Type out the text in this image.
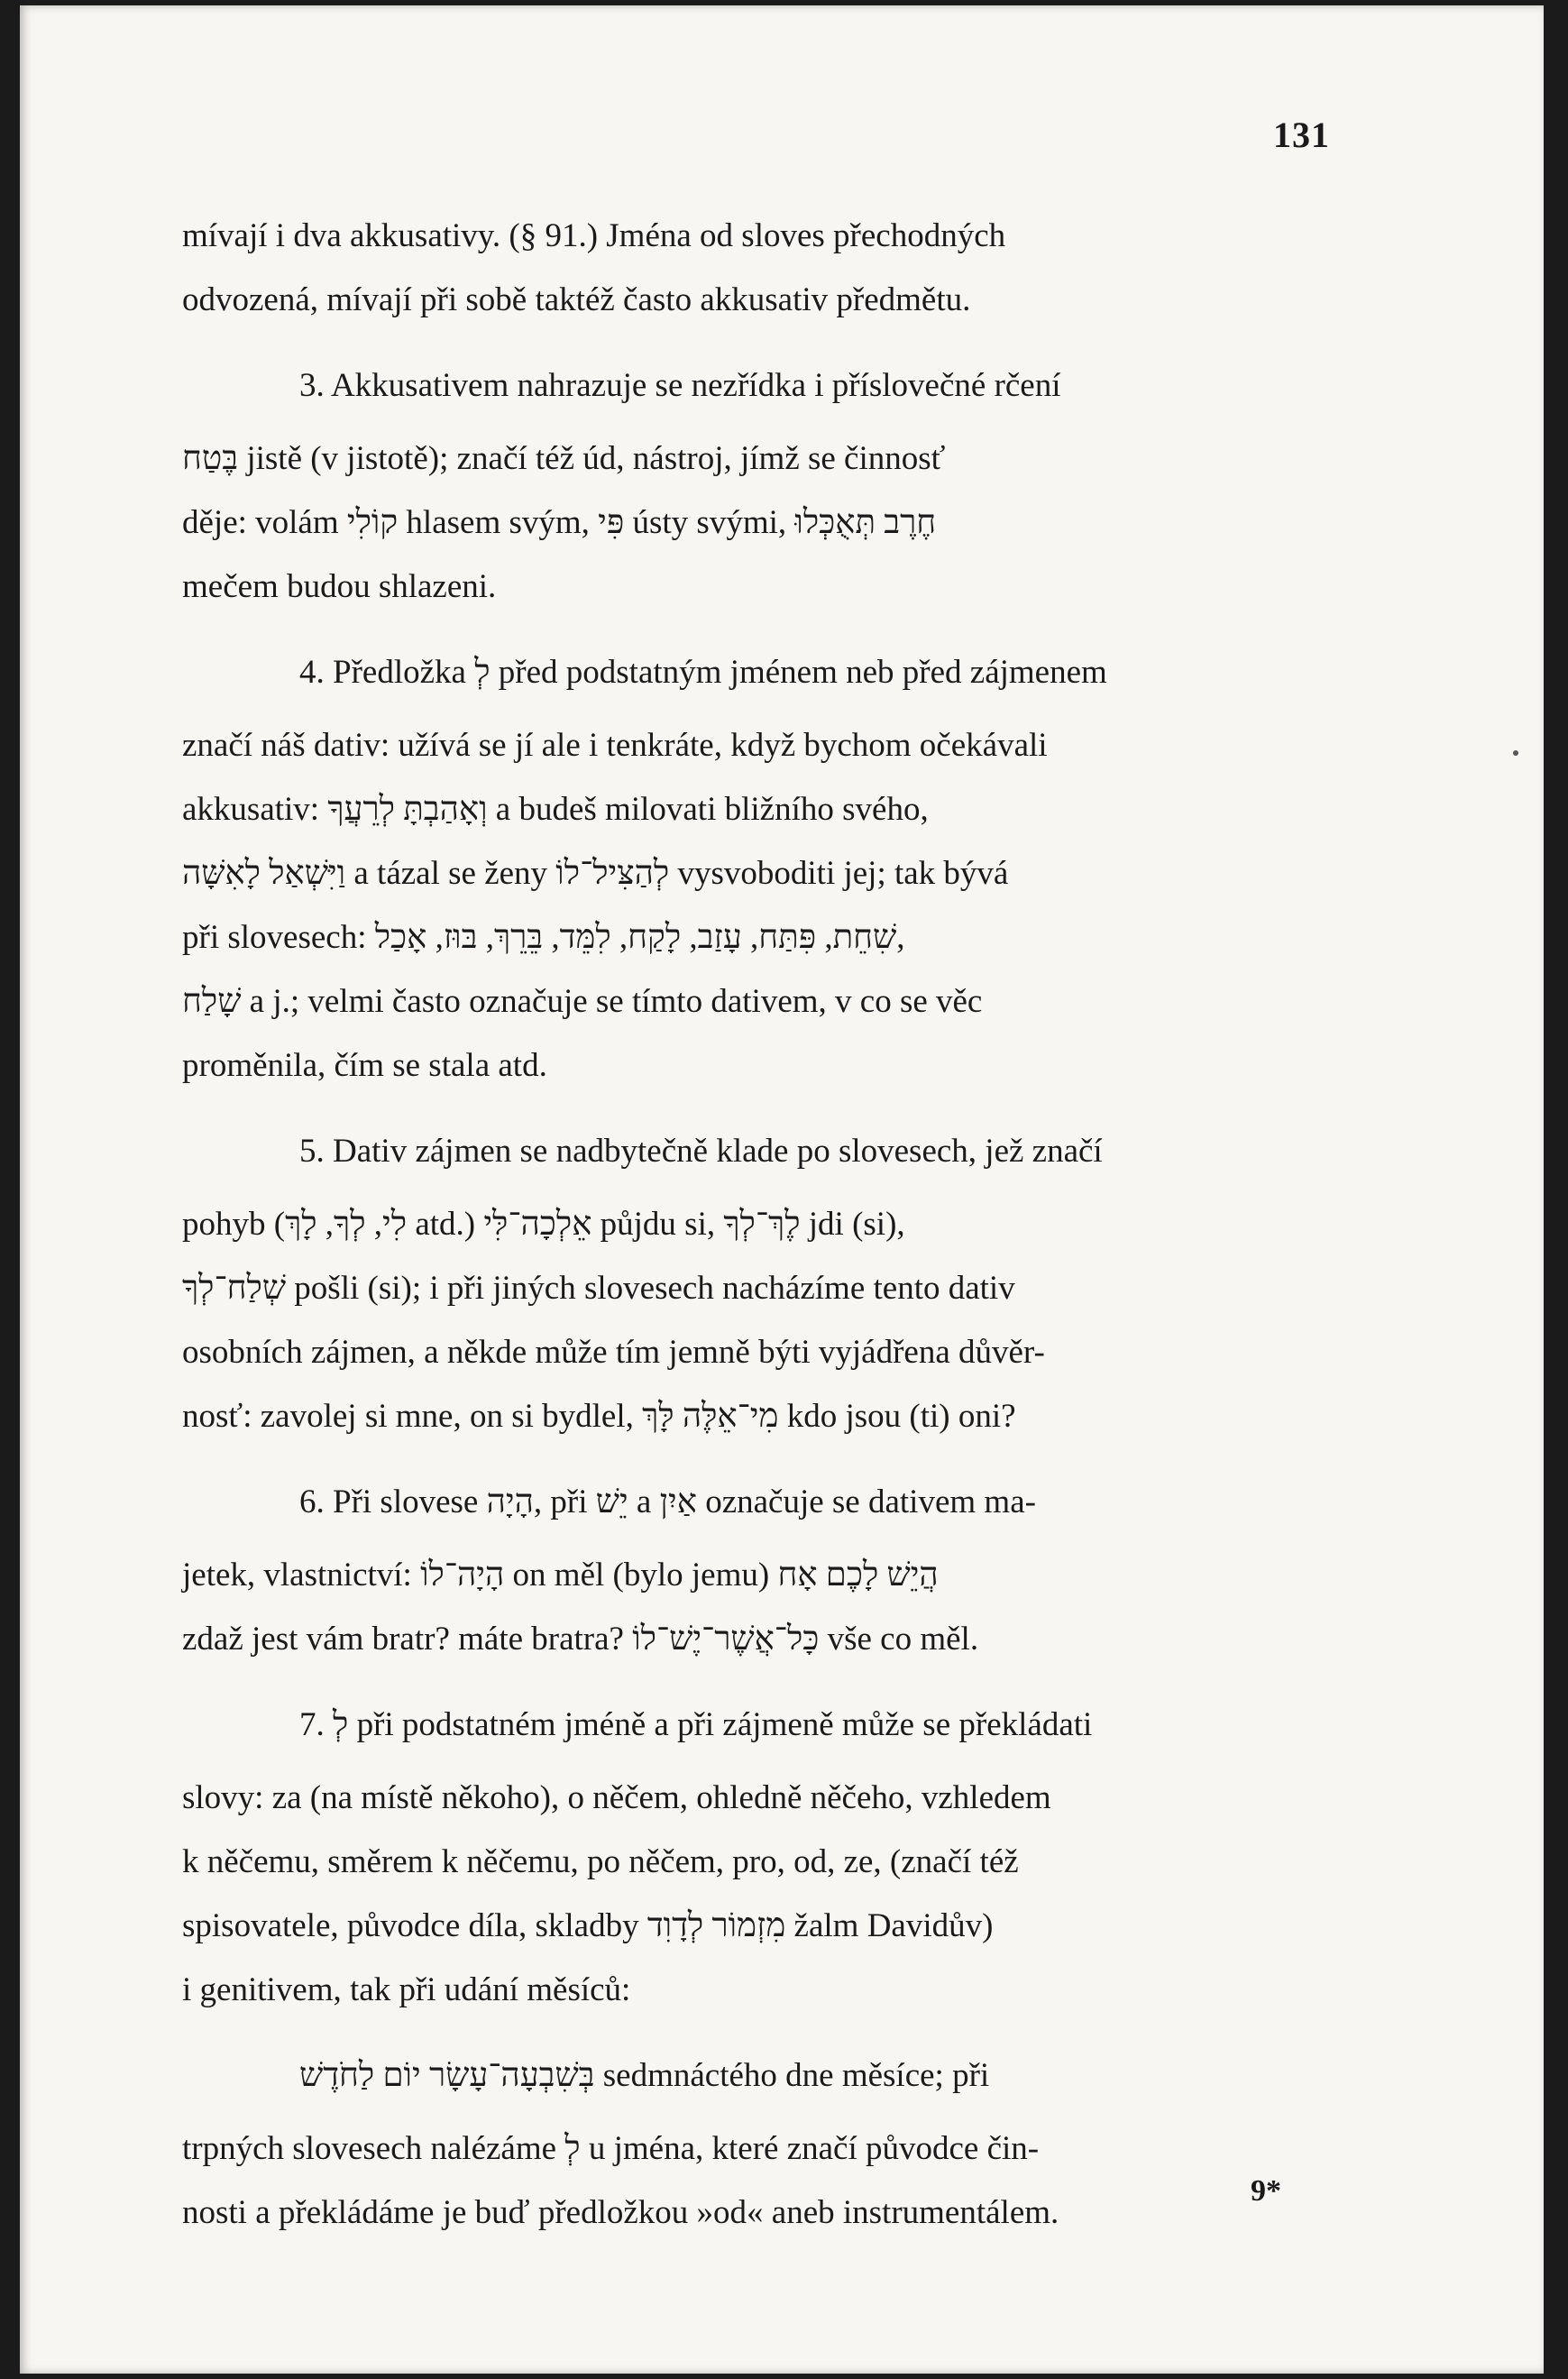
131
mívají i dva akkusativy. (§ 91.) Jména od sloves přechodných
odvozená, mívají při sobě taktéž často akkusativ předmětu.
3. Akkusativem nahrazuje se nezřídka i příslovečné rčení
בֶּטַח jistě (v jistotě); značí též úd, nástroj, jímž se činnosť
děje: volám קוֹלִי hlasem svým, פִּי ústy svými, חֶרֶב תְּאֻכְּלוּ
mečem budou shlazeni.
4. Předložka לְ před podstatným jménem neb před zájmenem
značí náš dativ: užívá se jí ale i tenkráte, když bychom očekávali
akkusativ: וְאָהַבְתָּ לְרֵעֲךָ a budeš milovati bližního svého,
וַיִּשְׁאַל לָאִשָּׁה a tázal se ženy לְהַצִּיל־לוֹ vysvoboditi jej; tak bývá
při slovesech: שִׁחֵת, פִּתַּח, עָזַב, לָקַח, לִמֵּד, בֵּרֵךְ, בּוּז, אָכַל,
שָׁלַח a j.; velmi často označuje se tímto dativem, v co se věc
proměnila, čím se stala atd.
5. Dativ zájmen se nadbytečně klade po slovesech, jež značí
pohyb (לִי, לְךָ, לָךְ atd.) אֵלְכָה־לִּי půjdu si, לֶךְ־לְךָ jdi (si),
שְׁלַח־לְךָ pošli (si); i při jiných slovesech nacházíme tento dativ
osobních zájmen, a někde může tím jemně býti vyjádřena důvěr-
nosť: zavolej si mne, on si bydlel, מִי־אֵלֶּה לָּךְ kdo jsou (ti) oni?
6. Při slovese הָיָה, při יֵשׁ a אַיִן označuje se dativem ma-
jetek, vlastnictví: הָיָה־לוֹ on měl (bylo jemu) הֲיֵשׁ לָכֶם אָח
zdaž jest vám bratr? máte bratra? כָּל־אֲשֶׁר־יֶשׁ־לוֹ vše co měl.
7. לְ při podstatném jméně a při zájmeně může se překládati
slovy: za (na místě někoho), o něčem, ohledně něčeho, vzhledem
k něčemu, směrem k něčemu, po něčem, pro, od, ze, (značí též
spisovatele, původce díla, skladby מִזְמוֹר לְדָוִד žalm Davidův)
i genitivem, tak při udání měsíců:
בְּשִׁבְעָה־עָשָׂר יוֹם לַחֹדֶשׁ sedmnáctého dne měsíce; při
trpných slovesech nalézáme לְ u jména, které značí původce čin-
nosti a překládáme je buď předložkou »od« aneb instrumentálem.
9*
